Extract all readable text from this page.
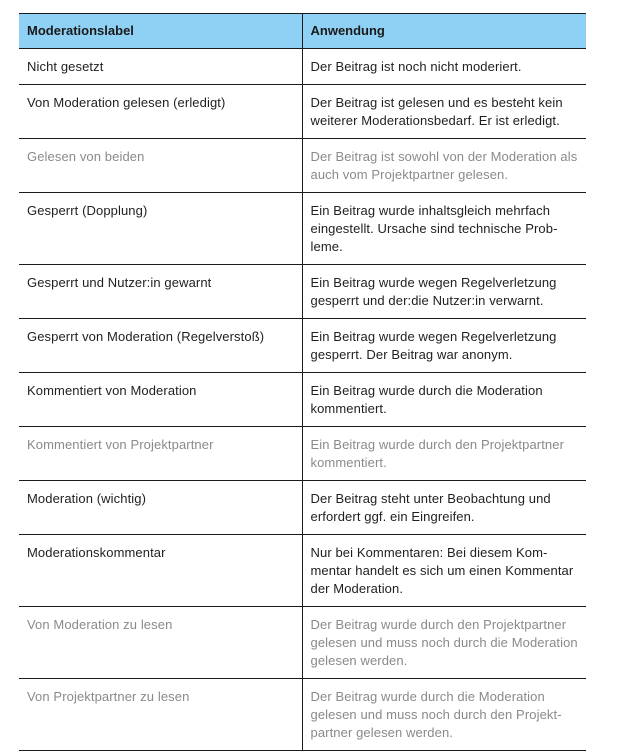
Moderationslabel	Anwendung
Nicht gesetzt	Der Beitrag ist noch nicht moderiert.
Von Moderation gelesen (erledigt)	Der Beitrag ist gelesen und es besteht kein weiterer Moderationsbedarf. Er ist erledigt.
Gelesen von beiden	Der Beitrag ist sowohl von der Moderation als auch vom Projektpartner gelesen.
Gesperrt (Dopplung)	Ein Beitrag wurde inhaltsgleich mehrfach eingestellt. Ursache sind technische Probleme.
Gesperrt und Nutzer:in gewarnt	Ein Beitrag wurde wegen Regelverletzung gesperrt und der:die Nutzer:in verwarnt.
Gesperrt von Moderation (Regelverstoß)	Ein Beitrag wurde wegen Regelverletzung gesperrt. Der Beitrag war anonym.
Kommentiert von Moderation	Ein Beitrag wurde durch die Moderation kommentiert.
Kommentiert von Projektpartner	Ein Beitrag wurde durch den Projektpartner kommentiert.
Moderation (wichtig)	Der Beitrag steht unter Beobachtung und erfordert ggf. ein Eingreifen.
Moderationskommentar	Nur bei Kommentaren: Bei diesem Kommentar handelt es sich um einen Kommentar der Moderation.
Von Moderation zu lesen	Der Beitrag wurde durch den Projektpartner gelesen und muss noch durch die Moderation gelesen werden.
Von Projektpartner zu lesen	Der Beitrag wurde durch die Moderation gelesen und muss noch durch den Projektpartner gelesen werden.
